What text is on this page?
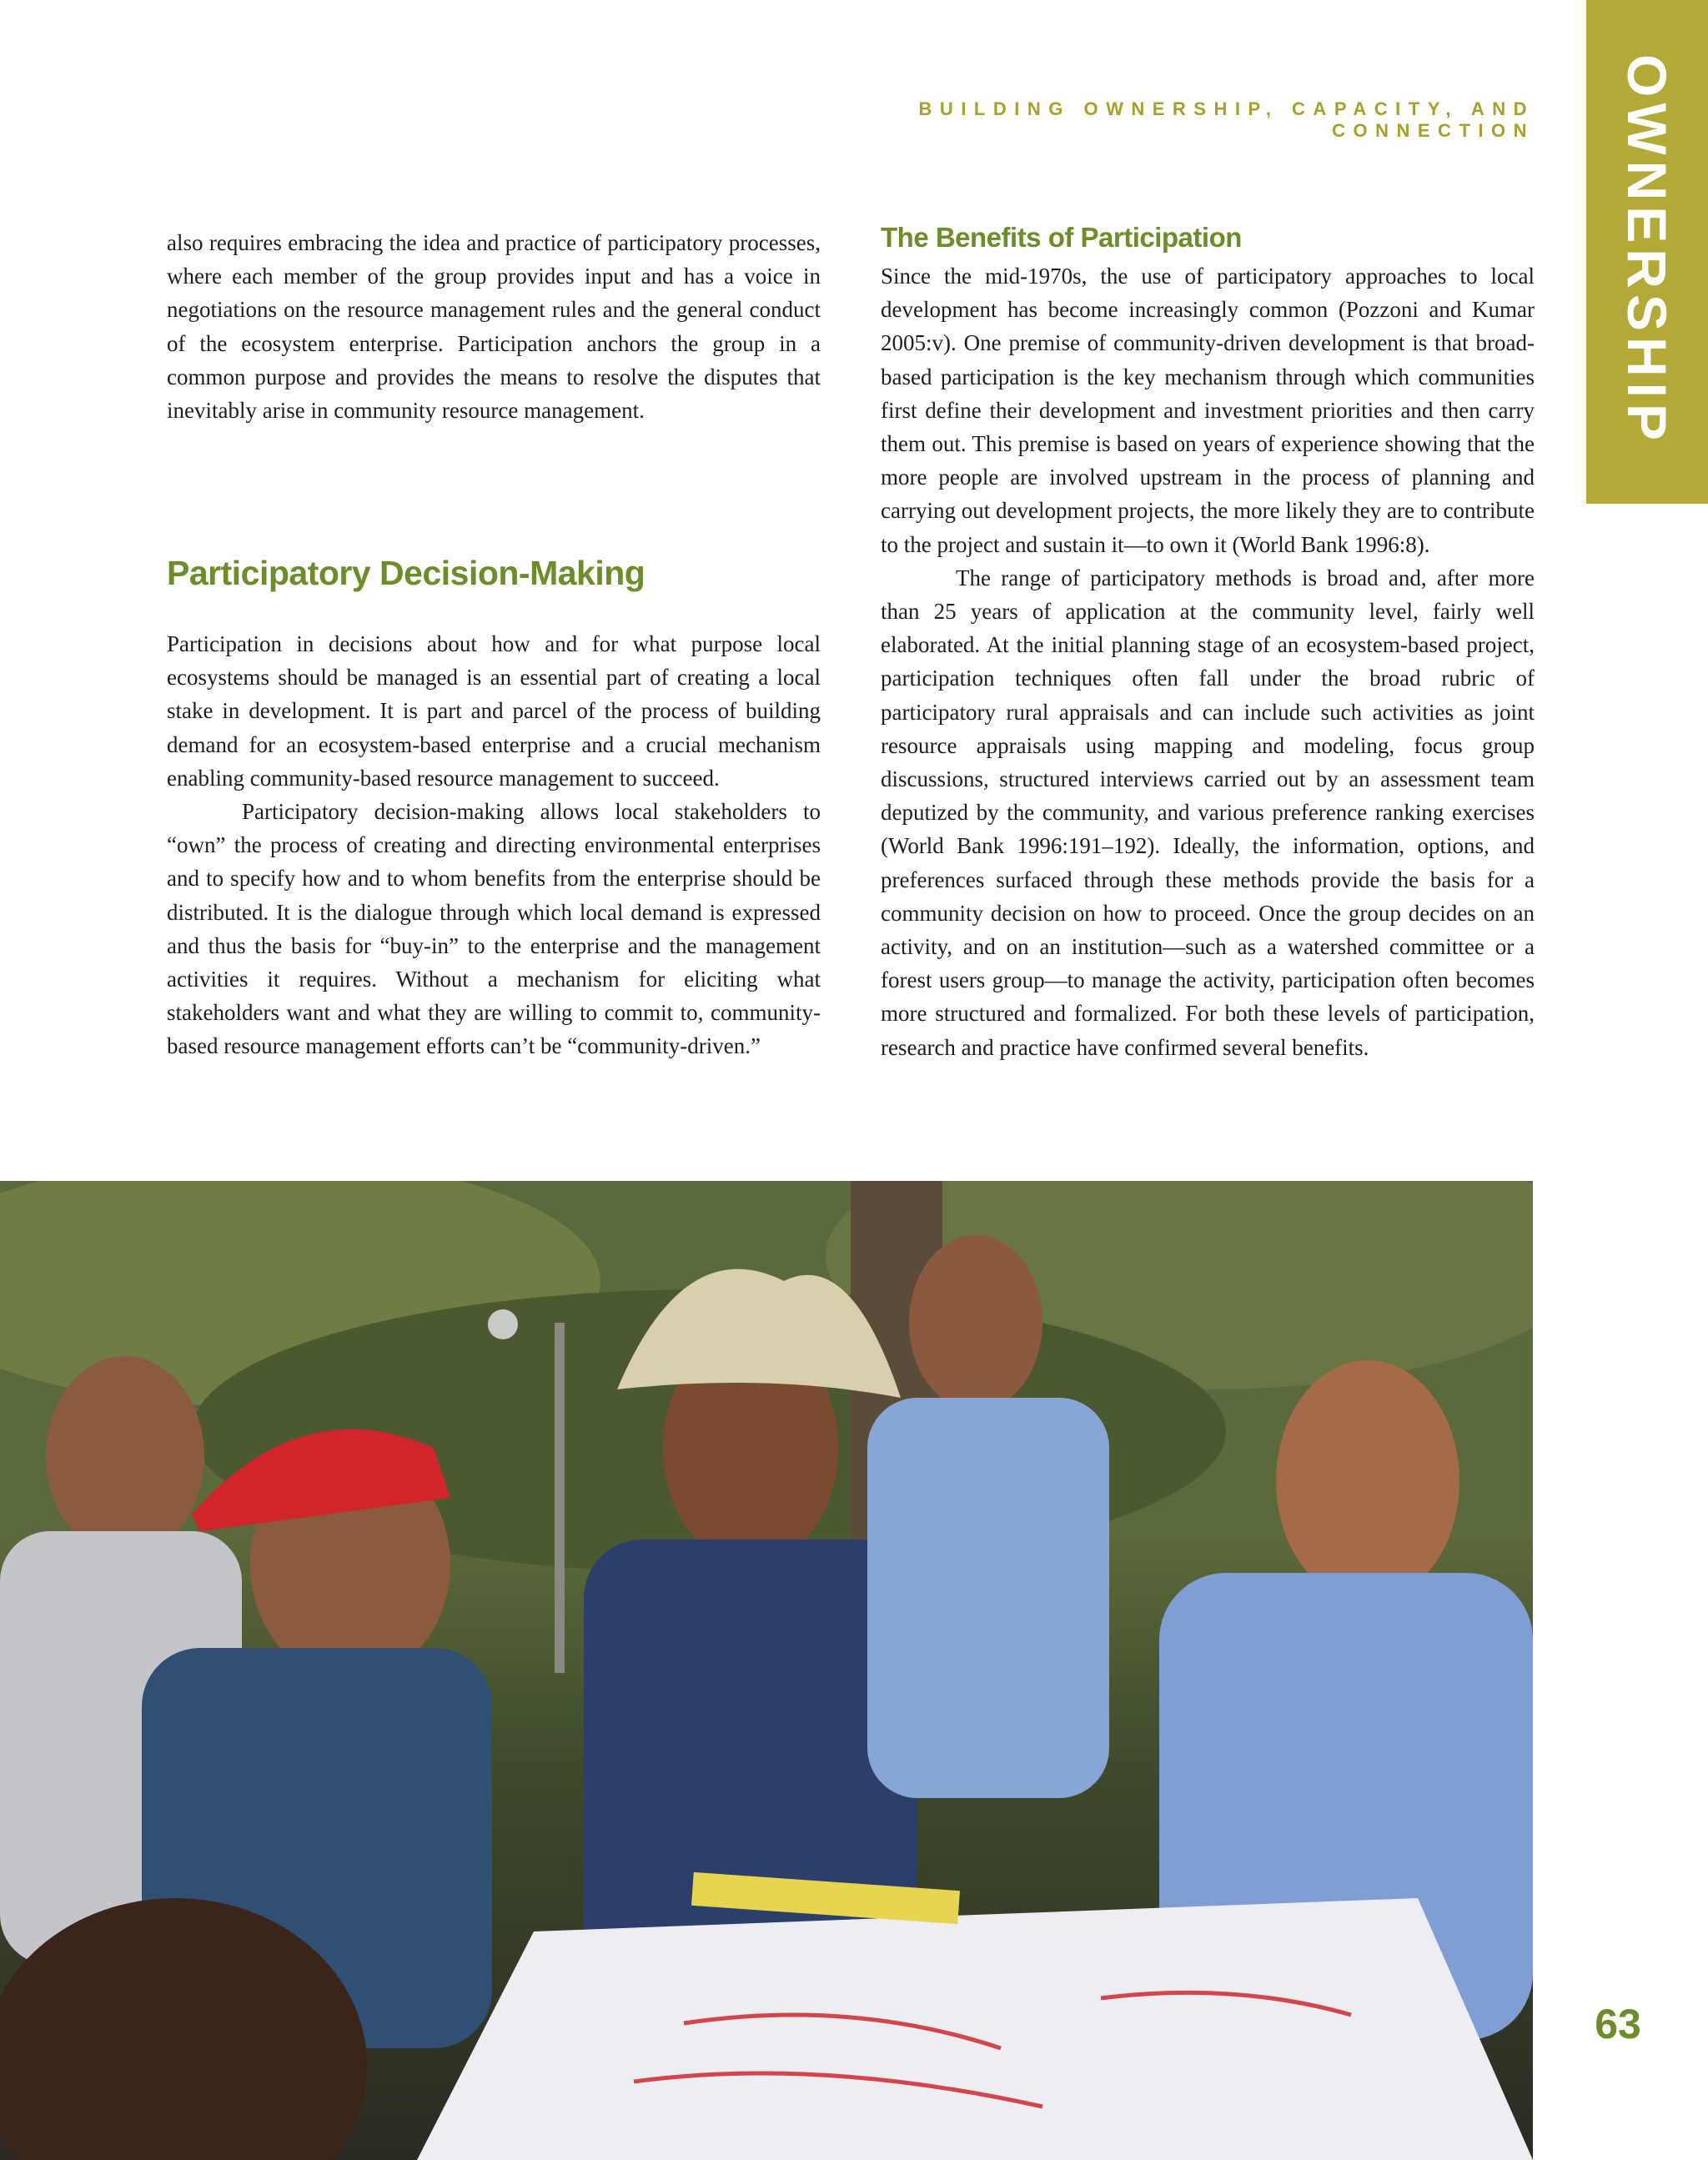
BUILDING OWNERSHIP, CAPACITY, AND CONNECTION OWNERSHIP

also requires embracing the idea and practice of participatory processes, where each member of the group provides input and has a voice in negotiations on the resource management rules and the general conduct of the ecosystem enterprise. Participation anchors the group in a common purpose and provides the means to resolve the disputes that inevitably arise in community resource management.

Participatory Decision-Making

Participation in decisions about how and for what purpose local ecosystems should be managed is an essential part of creating a local stake in development. It is part and parcel of the process of building demand for an ecosystem-based enterprise and a crucial mechanism enabling community-based resource management to succeed.

Participatory decision-making allows local stakeholders to “own” the process of creating and directing environmental enterprises and to specify how and to whom benefits from the enterprise should be distributed. It is the dialogue through which local demand is expressed and thus the basis for “buy-in” to the enterprise and the management activities it requires. Without a mechanism for eliciting what stakeholders want and what they are willing to commit to, community-based resource management efforts can’t be “community-driven.”

The Benefits of Participation

Since the mid-1970s, the use of participatory approaches to local development has become increasingly common (Pozzoni and Kumar 2005:v). One premise of community-driven development is that broad-based participation is the key mechanism through which communities first define their development and investment priorities and then carry them out. This premise is based on years of experience showing that the more people are involved upstream in the process of planning and carrying out development projects, the more likely they are to contribute to the project and sustain it—to own it (World Bank 1996:8).

The range of participatory methods is broad and, after more than 25 years of application at the community level, fairly well elaborated. At the initial planning stage of an ecosystem-based project, participation techniques often fall under the broad rubric of participatory rural appraisals and can include such activities as joint resource appraisals using mapping and modeling, focus group discussions, structured interviews carried out by an assessment team deputized by the community, and various preference ranking exercises (World Bank 1996:191–192). Ideally, the information, options, and preferences surfaced through these methods provide the basis for a community decision on how to proceed. Once the group decides on an activity, and on an institution—such as a watershed committee or a forest users group—to manage the activity, participation often becomes more structured and formalized. For both these levels of participation, research and practice have confirmed several benefits.

63
